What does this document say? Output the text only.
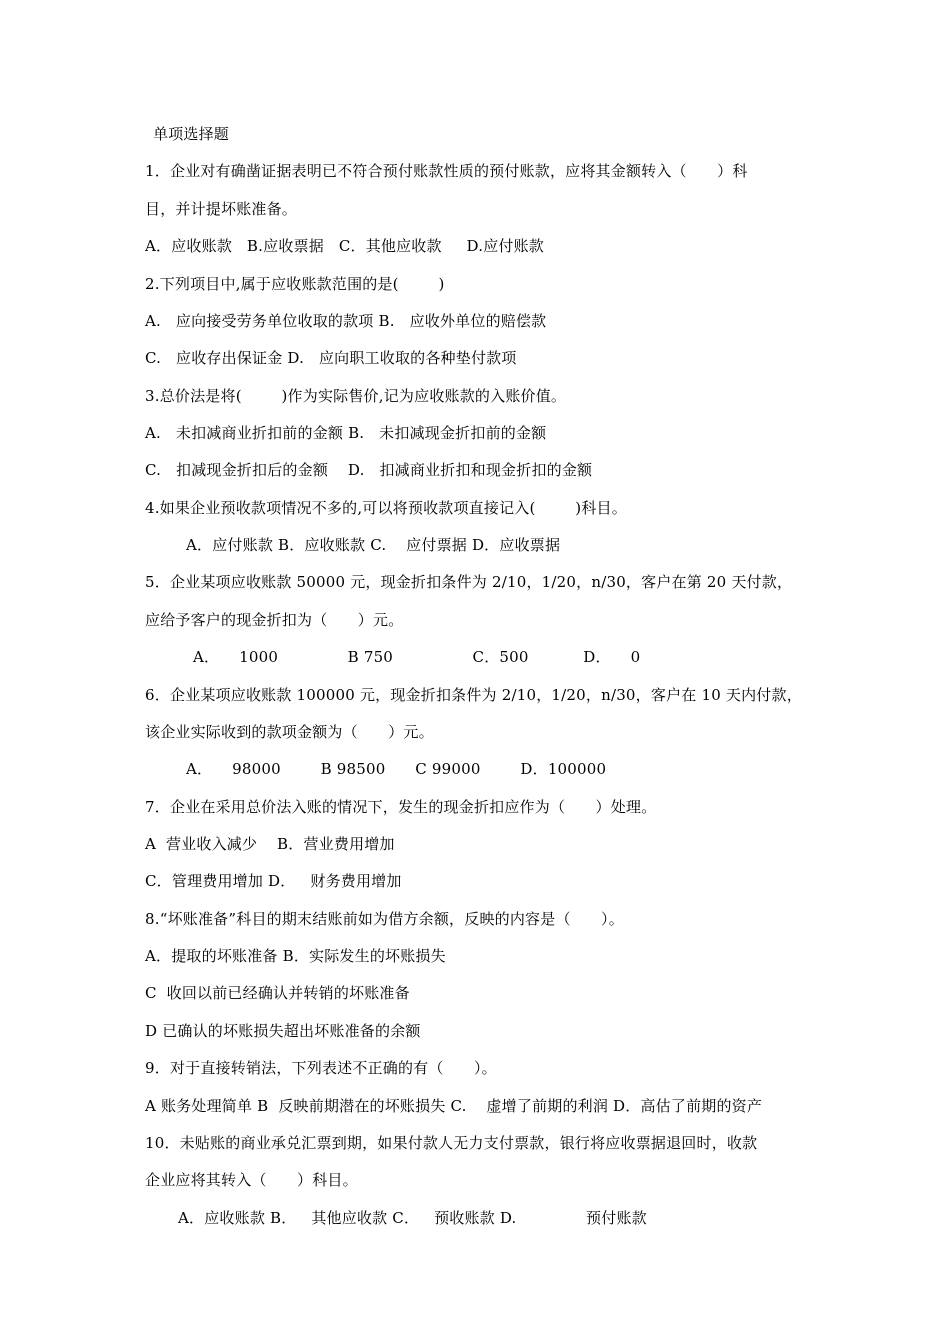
单项选择题
1．企业对有确凿证据表明已不符合预付账款性质的预付账款，应将其金额转入（　　）科
目，并计提坏账准备。
A．应收账款   B.应收票据   C．其他应收款     D.应付账款
2.下列项目中,属于应收账款范围的是(        )
A.   应向接受劳务单位收取的款项 B.   应收外单位的赔偿款
C.   应收存出保证金 D.   应向职工收取的各种垫付款项
3.总价法是将(        )作为实际售价,记为应收账款的入账价值。
A.   未扣减商业折扣前的金额 B.   未扣减现金折扣前的金额
C.   扣减现金折扣后的金额    D.   扣减商业折扣和现金折扣的金额
4.如果企业预收款项情况不多的,可以将预收款项直接记入(        )科目。
A．应付账款 B．应收账款 C.    应付票据 D．应收票据
5．企业某项应收账款 50000 元，现金折扣条件为 2/10，1/20，n/30，客户在第 20 天付款，
应给予客户的现金折扣为（　　）元。
A．    1000              B 750                C．500           D．    0
6．企业某项应收账款 100000 元，现金折扣条件为 2/10，1/20，n/30，客户在 10 天内付款，
该企业实际收到的款项金额为（　　）元。
A．    98000        B 98500      C 99000        D．100000
7．企业在采用总价法入账的情况下，发生的现金折扣应作为（　　）处理。
A  营业收入减少    B．营业费用增加
C．管理费用增加 D．   财务费用增加
8.“坏账准备”科目的期末结账前如为借方余额，反映的内容是（　　）。
A．提取的坏账准备 B．实际发生的坏账损失
C  收回以前已经确认并转销的坏账准备
D 已确认的坏账损失超出坏账准备的余额
9．对于直接转销法，下列表述不正确的有（　　）。
A 账务处理简单 B  反映前期潜在的坏账损失 C.    虚增了前期的利润 D．高估了前期的资产
10．未贴账的商业承兑汇票到期，如果付款人无力支付票款，银行将应收票据退回时，收款
企业应将其转入（　　）科目。
A．应收账款 B．   其他应收款 C．   预收账款 D.              预付账款
